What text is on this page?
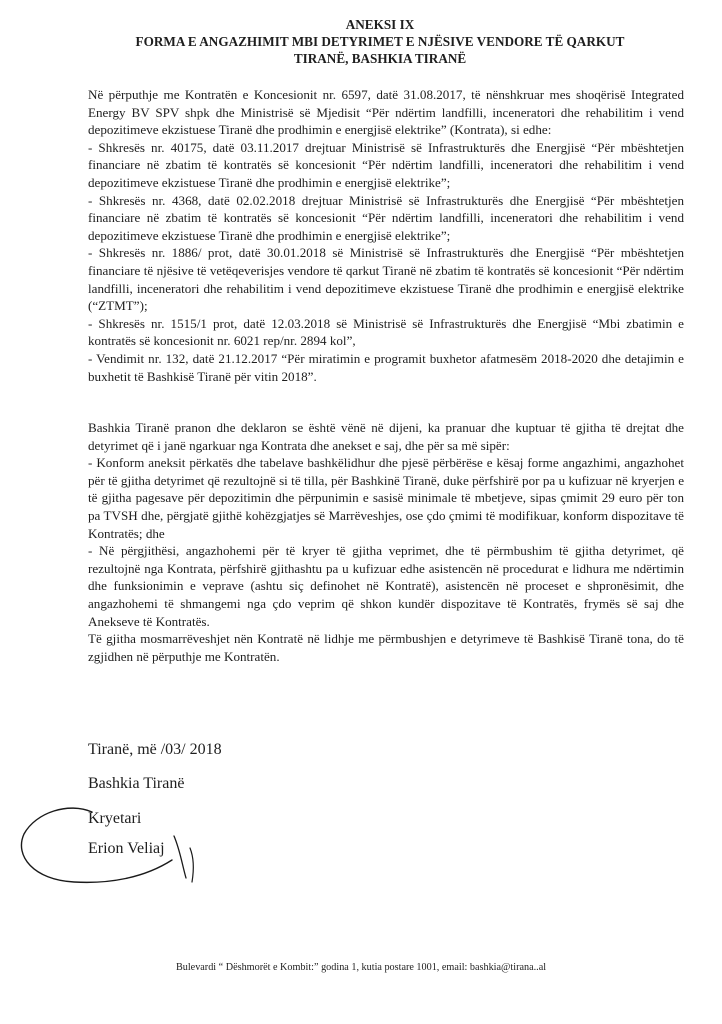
ANEKSI IX
FORMA E ANGAZHIMIT MBI DETYRIMET E NJËSIVE VENDORE TË QARKUT
TIRANË, BASHKIA TIRANË

Në përputhje me Kontratën e Koncesionit nr. 6597, datë 31.08.2017, të nënshkruar mes shoqërisë Integrated Energy BV SPV shpk dhe Ministrisë së Mjedisit “Për ndërtim landfilli, inceneratori dhe rehabilitim i vend depozitimeve ekzistuese Tiranë dhe prodhimin e energjisë elektrike” (Kontrata), si edhe:

- Shkresës nr. 40175, datë 03.11.2017 drejtuar Ministrisë së Infrastrukturës dhe Energjisë “Për mbështetjen financiare në zbatim të kontratës së koncesionit “Për ndërtim landfilli, inceneratori dhe rehabilitim i vend depozitimeve ekzistuese Tiranë dhe prodhimin e energjisë elektrike”;

- Shkresës nr. 4368, datë 02.02.2018 drejtuar Ministrisë së Infrastrukturës dhe Energjisë “Për mbështetjen financiare në zbatim të kontratës së koncesionit “Për ndërtim landfilli, inceneratori dhe rehabilitim i vend depozitimeve ekzistuese Tiranë dhe prodhimin e energjisë elektrike”;

- Shkresës nr. 1886/ prot, datë 30.01.2018 së Ministrisë së Infrastrukturës dhe Energjisë “Për mbështetjen financiare të njësive të vetëqeverisjes vendore të qarkut Tiranë në zbatim të kontratës së koncesionit “Për ndërtim landfilli, inceneratori dhe rehabilitim i vend depozitimeve ekzistuese Tiranë dhe prodhimin e energjisë elektrike (“ZTMT”);

- Shkresës nr. 1515/1 prot, datë 12.03.2018 së Ministrisë së Infrastrukturës dhe Energjisë “Mbi zbatimin e kontratës së koncesionit nr. 6021 rep/nr. 2894 kol”,

- Vendimit nr. 132, datë 21.12.2017 “Për miratimin e programit buxhetor afatmesëm 2018-2020 dhe detajimin e buxhetit të Bashkisë Tiranë për vitin 2018”.

Bashkia Tiranë pranon dhe deklaron se është vënë në dijeni, ka pranuar dhe kuptuar të gjitha të drejtat dhe detyrimet që i janë ngarkuar nga Kontrata dhe anekset e saj, dhe për sa më sipër:

- Konform aneksit përkatës dhe tabelave bashkëlidhur dhe pjesë përbërëse e kësaj forme angazhimi, angazhohet për të gjitha detyrimet që rezultojnë si të tilla, për Bashkinë Tiranë, duke përfshirë por pa u kufizuar në kryerjen e të gjitha pagesave për depozitimin dhe përpunimin e sasisë minimale të mbetjeve, sipas çmimit 29 euro për ton pa TVSH dhe, përgjatë gjithë kohëzgjatjes së Marrëveshjes, ose çdo çmimi të modifikuar, konform dispozitave të Kontratës; dhe

- Në përgjithësi, angazhohemi për të kryer të gjitha veprimet, dhe të përmbushim të gjitha detyrimet, që rezultojnë nga Kontrata, përfshirë gjithashtu pa u kufizuar edhe asistencën në procedurat e lidhura me ndërtimin dhe funksionimin e veprave (ashtu siç definohet në Kontratë), asistencën në proceset e shpronësimit, dhe angazhohemi të shmangemi nga çdo veprim që shkon kundër dispozitave të Kontratës, frymës së saj dhe Anekseve të Kontratës.

Të gjitha mosmarrëveshjet nën Kontratë në lidhje me përmbushjen e detyrimeve të Bashkisë Tiranë tona, do të zgjidhen në përputhje me Kontratën.

Tiranë, më /03/ 2018
Bashkia Tiranë
Kryetari
Erion Veliaj
Bulevardi “ Dëshmorët e Kombit:” godina 1, kutia postare 1001, email: bashkia@tirana..al
